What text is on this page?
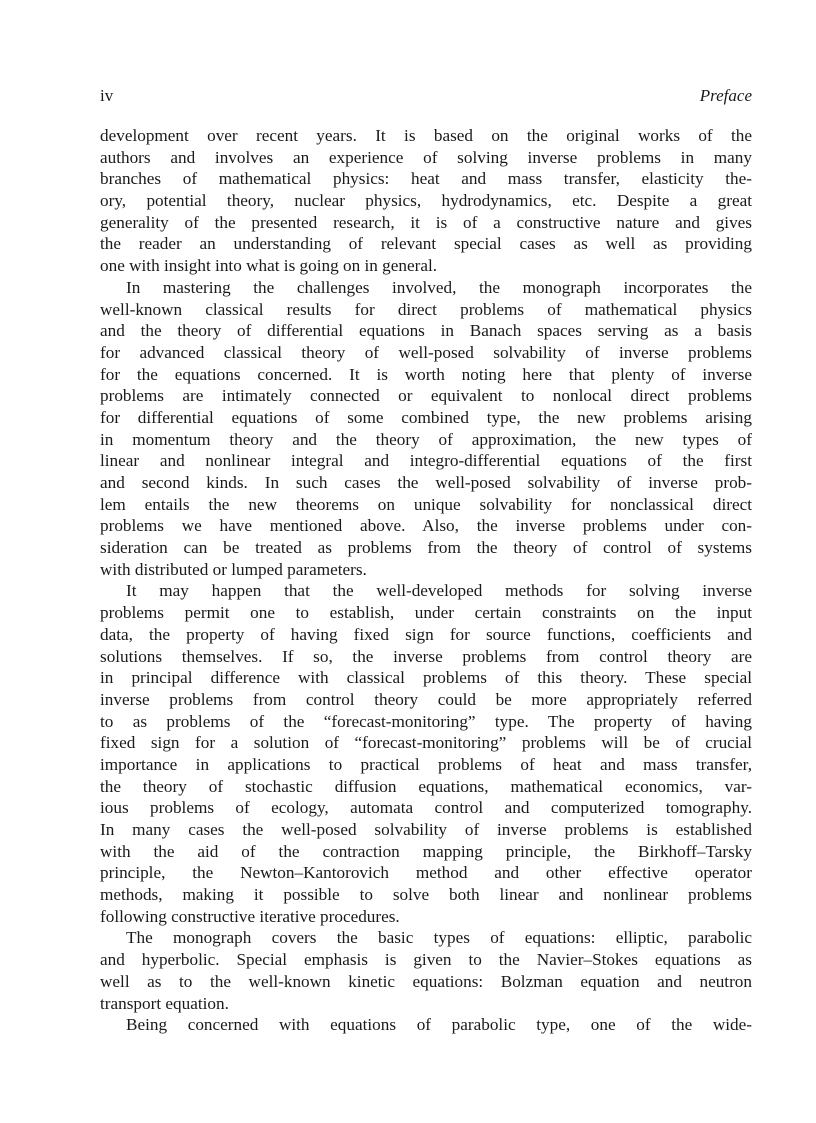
iv	Preface
development over recent years. It is based on the original works of the
authors and involves an experience of solving inverse problems in many
branches of mathematical physics: heat and mass transfer, elasticity the-
ory, potential theory, nuclear physics, hydrodynamics, etc. Despite a great
generality of the presented research, it is of a constructive nature and gives
the reader an understanding of relevant special cases as well as providing
one with insight into what is going on in general.
In mastering the challenges involved, the monograph incorporates the
well-known classical results for direct problems of mathematical physics
and the theory of differential equations in Banach spaces serving as a basis
for advanced classical theory of well-posed solvability of inverse problems
for the equations concerned. It is worth noting here that plenty of inverse
problems are intimately connected or equivalent to nonlocal direct problems
for differential equations of some combined type, the new problems arising
in momentum theory and the theory of approximation, the new types of
linear and nonlinear integral and integro-differential equations of the first
and second kinds. In such cases the well-posed solvability of inverse prob-
lem entails the new theorems on unique solvability for nonclassical direct
problems we have mentioned above. Also, the inverse problems under con-
sideration can be treated as problems from the theory of control of systems
with distributed or lumped parameters.
It may happen that the well-developed methods for solving inverse
problems permit one to establish, under certain constraints on the input
data, the property of having fixed sign for source functions, coefficients and
solutions themselves. If so, the inverse problems from control theory are
in principal difference with classical problems of this theory. These special
inverse problems from control theory could be more appropriately referred
to as problems of the “forecast-monitoring” type. The property of having
fixed sign for a solution of “forecast-monitoring” problems will be of crucial
importance in applications to practical problems of heat and mass transfer,
the theory of stochastic diffusion equations, mathematical economics, var-
ious problems of ecology, automata control and computerized tomography.
In many cases the well-posed solvability of inverse problems is established
with the aid of the contraction mapping principle, the Birkhoff–Tarsky
principle, the Newton–Kantorovich method and other effective operator
methods, making it possible to solve both linear and nonlinear problems
following constructive iterative procedures.
The monograph covers the basic types of equations: elliptic, parabolic
and hyperbolic. Special emphasis is given to the Navier–Stokes equations as
well as to the well-known kinetic equations: Bolzman equation and neutron
transport equation.
Being concerned with equations of parabolic type, one of the wide-
